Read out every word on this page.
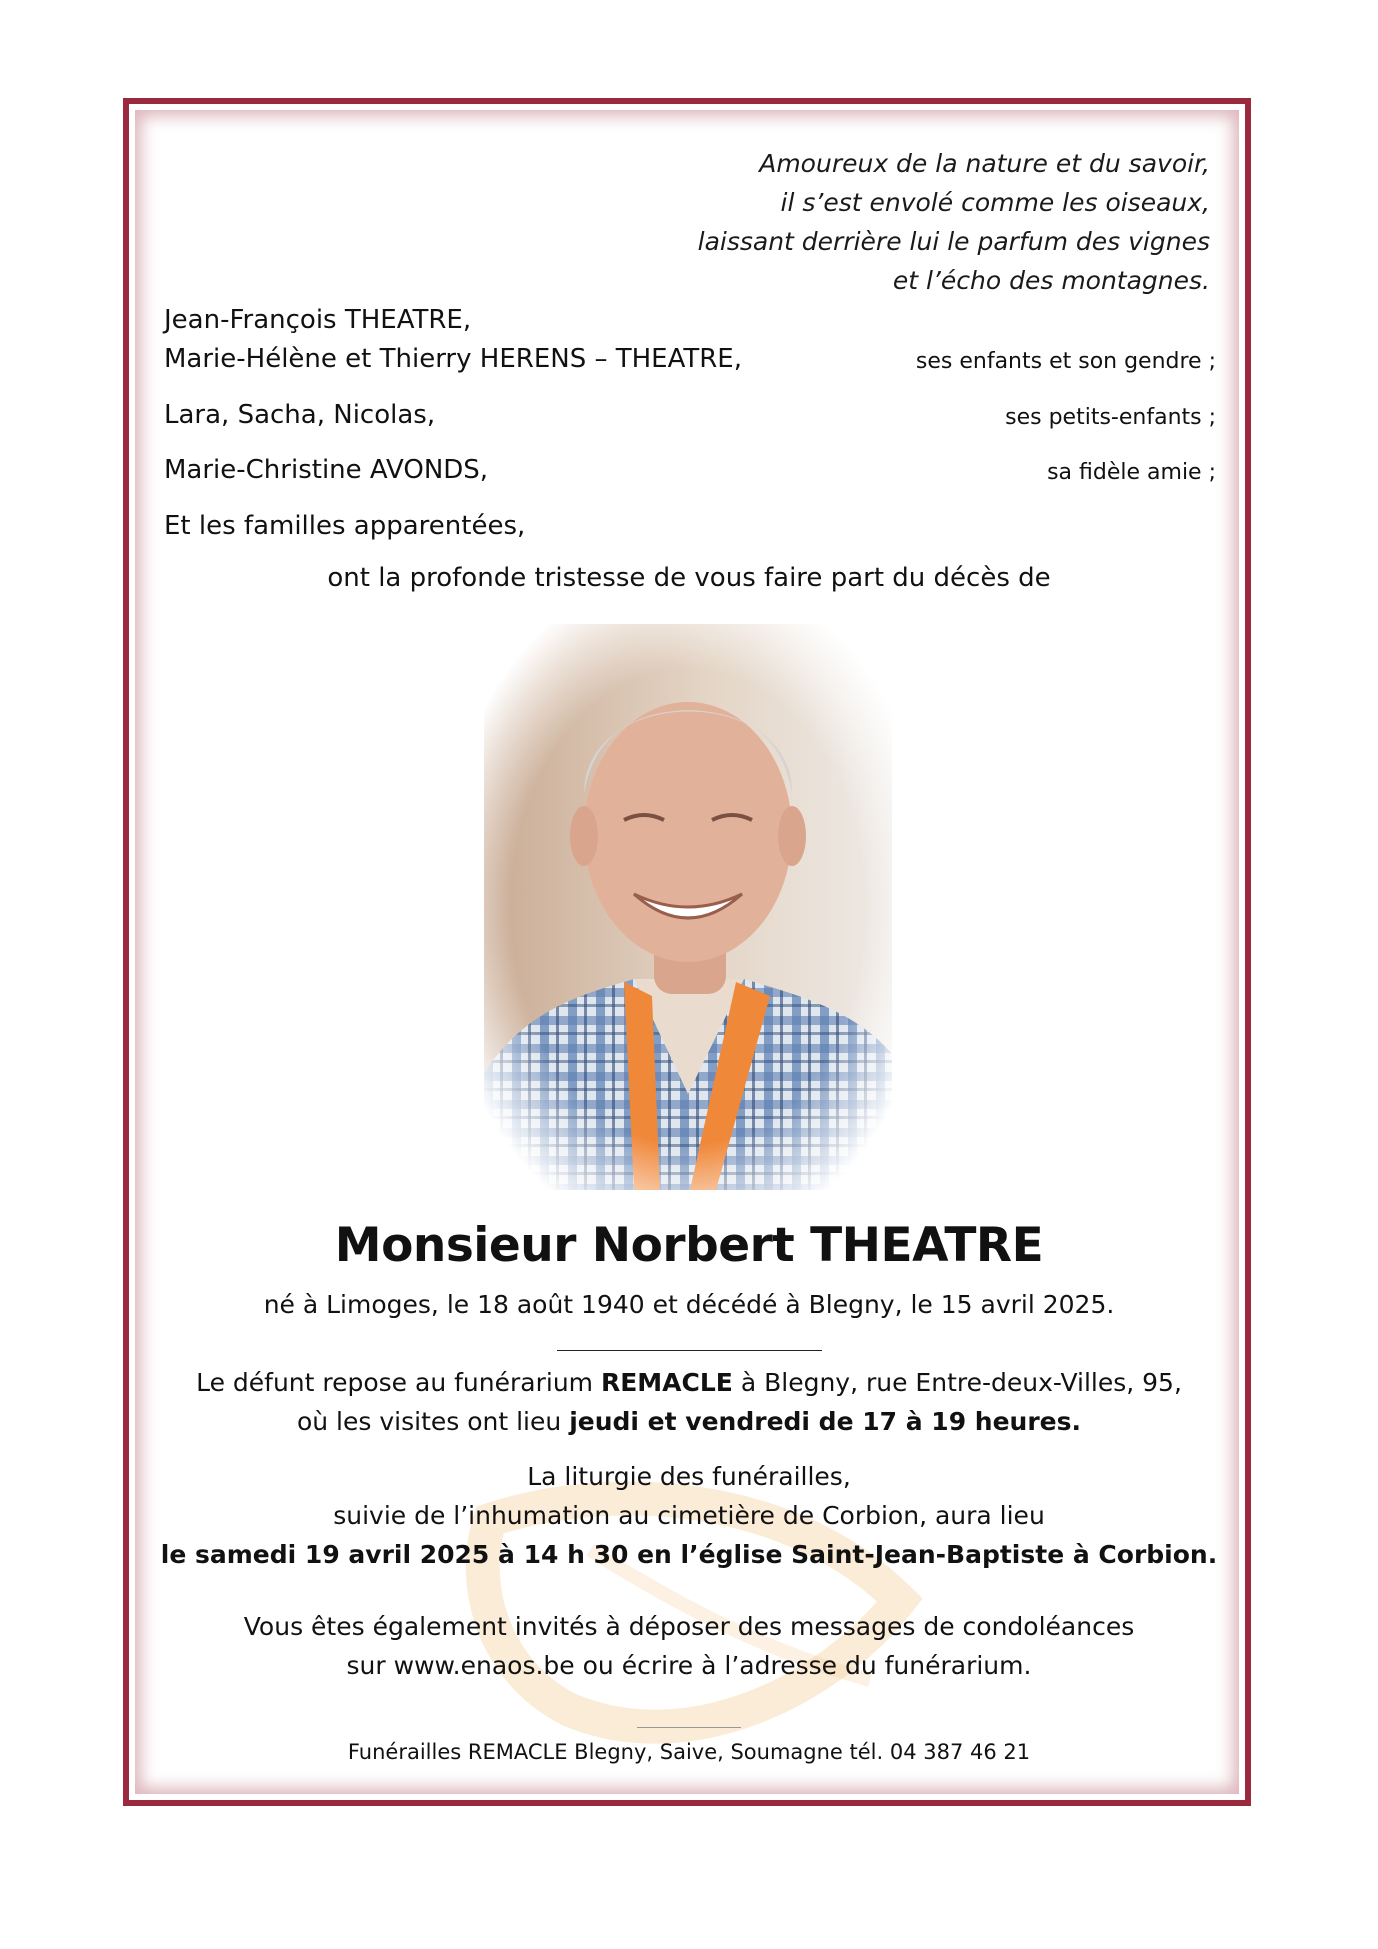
Amoureux de la nature et du savoir,
il s’est envolé comme les oiseaux,
laissant derrière lui le parfum des vignes
et l’écho des montagnes.
Jean-François THEATRE,
Marie-Hélène et Thierry HERENS – THEATRE,	ses enfants et son gendre ;
Lara, Sacha, Nicolas,	ses petits-enfants ;
Marie-Christine AVONDS,	sa fidèle amie ;
Et les familles apparentées,
ont la profonde tristesse de vous faire part du décès de
Monsieur Norbert THEATRE
né à Limoges, le 18 août 1940 et décédé à Blegny, le 15 avril 2025.
Le défunt repose au funérarium REMACLE à Blegny, rue Entre-deux-Villes, 95,
où les visites ont lieu jeudi et vendredi de 17 à 19 heures.
La liturgie des funérailles,
suivie de l’inhumation au cimetière de Corbion, aura lieu
le samedi 19 avril 2025 à 14 h 30 en l’église Saint-Jean-Baptiste à Corbion.
Vous êtes également invités à déposer des messages de condoléances
sur www.enaos.be ou écrire à l’adresse du funérarium.
Funérailles REMACLE Blegny, Saive, Soumagne tél. 04 387 46 21
